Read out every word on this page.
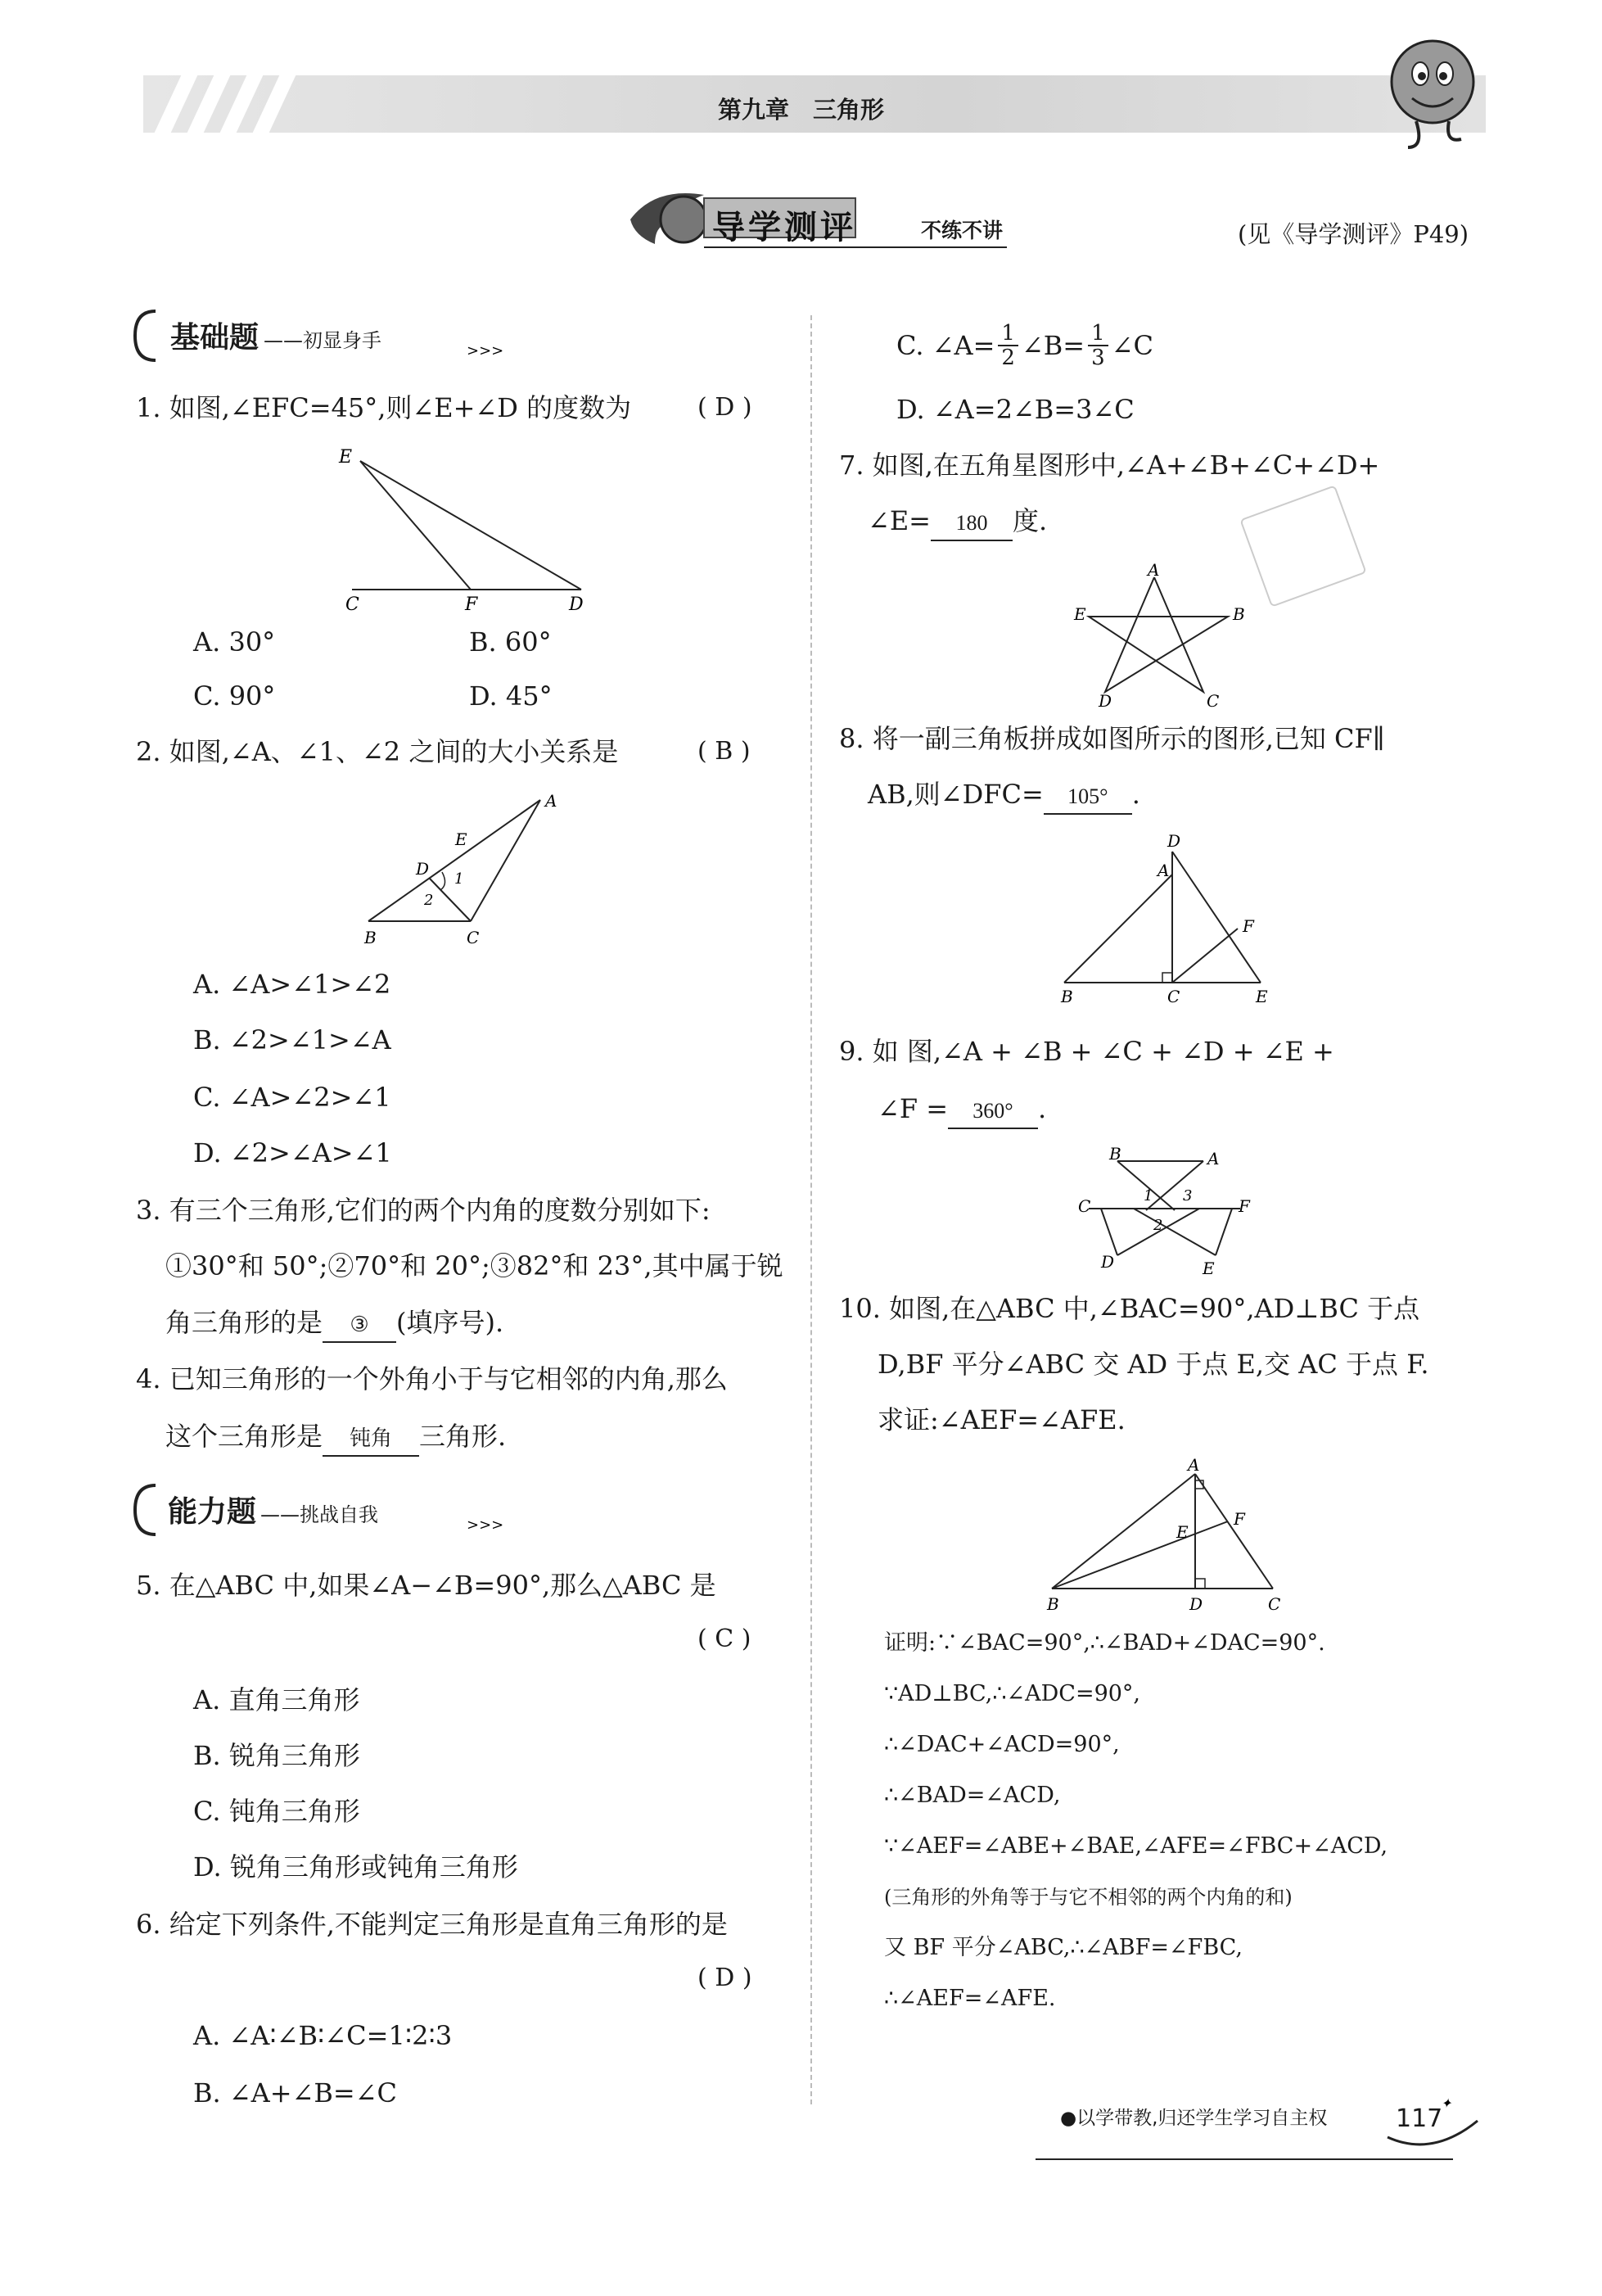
第九章　三角形
导学测评	不练不讲	(见《导学测评》P49)
>>>
基础题 ——初显身手
1. 如图,∠EFC=45°,则∠E+∠D 的度数为	( D )
E
C	F	D
A. 30°	B. 60°
C. 90°	D. 45°
2. 如图,∠A、∠1、∠2 之间的大小关系是	( B )
A
B	C
D
E
1
2
A. ∠A>∠1>∠2
B. ∠2>∠1>∠A
C. ∠A>∠2>∠1
D. ∠2>∠A>∠1
3. 有三个三角形,它们的两个内角的度数分别如下:
①30°和 50°;②70°和 20°;③82°和 23°,其中属于锐
角三角形的是 ③ (填序号).
4. 已知三角形的一个外角小于与它相邻的内角,那么
这个三角形是 钝角 三角形.
>>>
能力题 ——挑战自我
5. 在△ABC 中,如果∠A−∠B=90°,那么△ABC 是
( C )
A. 直角三角形
B. 锐角三角形
C. 钝角三角形
D. 锐角三角形或钝角三角形
6. 给定下列条件,不能判定三角形是直角三角形的是
( D )
A. ∠A∶∠B∶∠C=1∶2∶3
B. ∠A+∠B=∠C
C. ∠A= $\frac{1}{2}$ ∠B= $\frac{1}{3}$ ∠C
D. ∠A=2∠B=3∠C
7. 如图,在五角星图形中,∠A+∠B+∠C+∠D+
∠E= 180 度.
A
B
C
D
E
8. 将一副三角板拼成如图所示的图形,已知 CF∥
AB,则∠DFC= 105° .
D
A
F
B	C	E
9. 如 图,∠A + ∠B + ∠C + ∠D + ∠E +
∠F = 360° .
B	A
C	F
D	E
1
2
3
10. 如图,在△ABC 中,∠BAC=90°,AD⊥BC 于点
D,BF 平分∠ABC 交 AD 于点 E,交 AC 于点 F.
求证:∠AEF=∠AFE.
A
E
F
B	D	C
证明:∵∠BAC=90°,∴∠BAD+∠DAC=90°.
∵AD⊥BC,∴∠ADC=90°,
∴∠DAC+∠ACD=90°,
∴∠BAD=∠ACD,
∵∠AEF=∠ABE+∠BAE,∠AFE=∠FBC+∠ACD,
(三角形的外角等于与它不相邻的两个内角的和)
又 BF 平分∠ABC,∴∠ABF=∠FBC,
∴∠AEF=∠AFE.
●以学带教,归还学生学习自主权
✦
117
